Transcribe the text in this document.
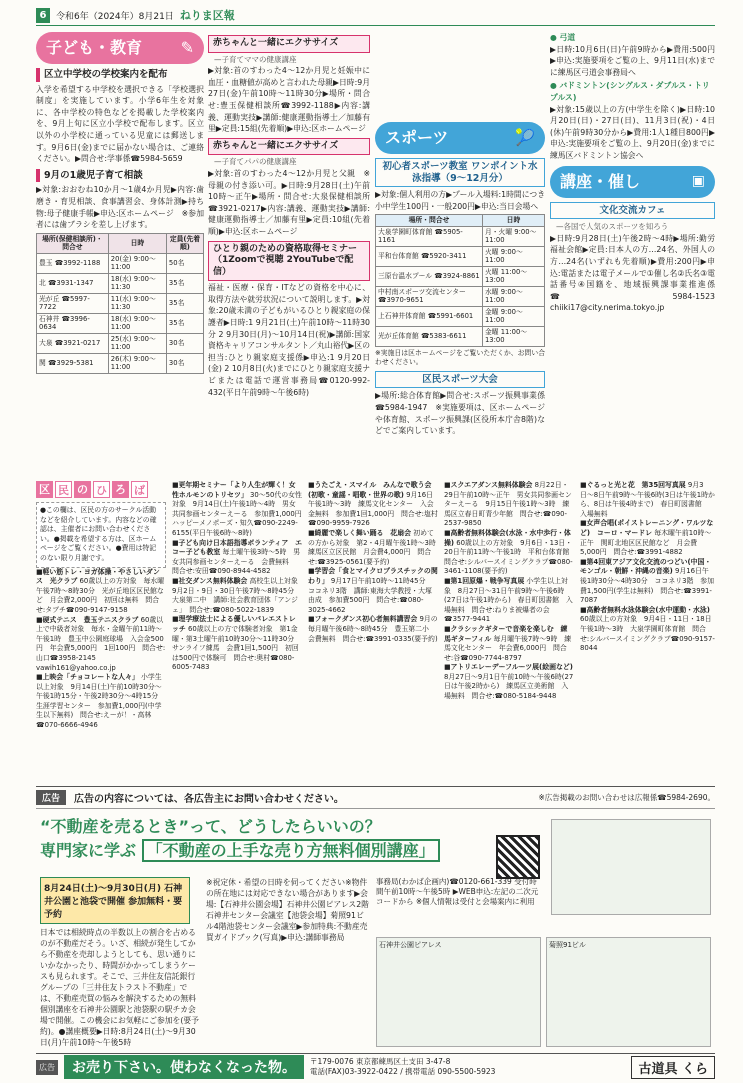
6	令和6年（2024年）8月21日 ねりま区報
子ども・教育 ✎
区立中学校の学校案内を配布

入学を希望する中学校を選択できる「学校選択制度」を実施しています。小学6年生を対象に、各中学校の特色などを掲載した学校案内を、9月上旬に区立小学校で配布します。区立以外の小学校に通っている児童には郵送します。9月6日(金)までに届かない場合は、ご連絡ください。▶問合せ:学事係☎5984-5659

9月の1歳児子育て相談

▶対象:おおむね10か月〜1歳4か月児▶内容:歯磨き・育児相談、食事講習会、身体計測▶持ち物:母子健康手帳▶申込:区ホームページ　※参加者には歯ブラシを差し上げます。

場所(保健相談所)・問合せ	日時	定員(先着順)
豊玉 ☎3992-1188	20(金) 9:00〜11:00	50名
北 ☎3931-1347	18(水) 9:00〜11:30	35名
光が丘 ☎5997-7722	11(水) 9:00〜11:30	35名
石神井 ☎3996-0634	18(水) 9:00〜11:00	35名
大泉 ☎3921-0217	25(水) 9:00〜11:00	30名
関 ☎3929-5381	26(木) 9:00〜11:00	30名
赤ちゃんと一緒にエクササイズ
—子育てママの健康講座

▶対象:首のすわった4〜12か月児と妊娠中に血圧・血糖値が高めと言われた母親▶日時:9月27日(金)午前10時〜11時30分▶場所・問合せ:豊玉保健相談所☎3992-1188▶内容:講義、運動実技▶講師:健康運動指導士／加藤有里▶定員:15組(先着順)▶申込:区ホームページ

赤ちゃんと一緒にエクササイズ
—子育てパパの健康講座

▶対象:首のすわった4〜12か月児と父親　※母親の付き添い可。▶日時:9月28日(土)午前10時〜正午▶場所・問合せ:大泉保健相談所☎3921-0217▶内容:講義、運動実技▶講師:健康運動指導士／加藤有里▶定員:10組(先着順)▶申込:区ホームページ

ひとり親のための資格取得セミナー（1Zoomで視聴 2YouTubeで配信）

福祉・医療・保育・ITなどの資格を中心に、取得方法や就労状況について説明します。▶対象:20歳未満の子どもがいるひとり親家庭の保護者▶日時:1 9月21日(土)午前10時〜11時30分 2 9月30日(月)〜10月14日(祝)▶講師:国家資格キャリアコンサルタント／丸山裕代▶区の担当:ひとり親家庭支援係▶申込:1 9月20日(金) 2 10月8日(火)までにひとり親家庭支援ナビまたは電話で運営事務局☎0120-992-432(平日午前9時〜午後6時)

スポーツ	🎾
初心者スポーツ教室 ワンポイント水泳指導（9〜12月分）

▶対象:個人利用の方▶プール入場料:1時間につき小中学生100円・一般200円▶申込:当日会場へ

場所・問合せ	日時
大泉学園町体育館 ☎5905-1161	月・火曜 9:00〜11:00
平和台体育館 ☎5920-3411	火曜 9:00〜11:00
三原台温水プール ☎3924-8861	火曜 11:00〜13:00
中村南スポーツ交流センター ☎3970-9651	水曜 9:00〜11:00
上石神井体育館 ☎5991-6601	金曜 9:00〜11:00
光が丘体育館 ☎5383-6611	金曜 11:00〜13:00

※実施日は区ホームページをご覧いただくか、お問い合わせください。

区民スポーツ大会

▶場所:総合体育館▶問合せ:スポーツ振興事業係☎5984-1947　※実施要項は、区ホームページや体育館、スポーツ振興課(区役所本庁舎8階)などでご案内しています。

● 弓道

▶日時:10月6日(日)午前9時から▶費用:500円▶申込:実施要項をご覧の上、9月11日(水)までに練馬区弓道会事務局へ

● バドミントン(シングルス・ダブルス・トリプルス)

▶対象:15歳以上の方(中学生を除く)▶日時:10月20日(日)・27日(日)、11月3日(祝)・4日(休)午前9時30分から▶費用:1人1種目800円▶申込:実施要項をご覧の上、9月20日(金)までに練馬区バドミントン協会へ

講座・催し	▣
文化交流カフェ
—各国で人気のスポーツを知ろう

▶日時:9月28日(土)午後2時〜4時▶場所:勤労福祉会館▶定員:日本人の方…24名、外国人の方…24名(いずれも先着順)▶費用:200円▶申込:電話または電子メールで①催し名②氏名③電話番号④国籍を、地域振興課事業推進係☎5984-1523 chiiki17@city.nerima.tokyo.jp

区 民 の ひ ろ ば
●この欄は、区民の方のサークル活動などを紹介しています。内容などの確認は、主催者にお問い合わせください。●掲載を希望する方は、区ホームページをご覧ください。●費用は特記のない限り月謝です。
■軽い筋トレ・ヨガ体操・やさしいダンス　光クラブ 60歳以上の方対象　毎水曜午後7時〜8時30分　光が丘地区区民館など　月会費2,000円　初回は無料　問合せ:タブチ☎090-9147-9158
■硬式テニス　豊玉テニスクラブ 60歳以上で中級者対象　毎水・金曜午前11時〜午後1時　豊玉中公園庭球場　入会金500円　年会費5,000円　1回100円　問合せ:山口☎3958-2145 vawih161@yahoo.co.jp
■上映会「チョコレートな人々」 小学生以上対象　9月14日(土)午前10時30分〜午後1時15分・午後2時30分〜4時15分　生涯学習センター　参加費1,000円(中学生以下無料)　問合せ:えーが！・高林☎070-6666-4946
■更年期セミナー「より人生が輝く！女性ホルモンのトリセツ」 30〜50代の女性対象　9月14日(土)午後1時〜4時　男女共同参画センターえーる　参加費1,000円　ハッピーメノポーズ・知久☎090-2249-6155(平日午後6時〜8時)
■子ども向け日本語指導ボランティア　エコー子ども教室 毎土曜午後3時〜5時　男女共同参画センターえーる　会費無料　問合せ:安田☎090-8944-4582
■社交ダンス無料体験会 高校生以上対象　9月2日・9日・30日午後7時〜8時45分　大泉第二中　講師:社会教育団体「アンジェ」　問合せ:☎080-5022-1839
■理学療法士による優しいバレエストレッチ 60歳以上の方で体験者対象　第1金曜・第3土曜午前10時30分〜11時30分　サンライフ練馬　会費1回1,500円　初回は500円で体験可　問合せ:奥村☎080-6005-7483
■うたごえ・スマイル　みんなで歌う会(初歌・童謡・唱歌・世界の歌) 9月16日午後1時〜3時　練馬文化センター　入会金無料　参加費1回1,000円　問合せ:塩村☎090-9959-7926
■綺麗で楽しく舞い踊る　花扇会 初めての方から対象　第2・4月曜午後1時〜3時　練馬区立区民館　月会費4,000円　問合せ:☎3925-0561(要予約)
■学習会「食とマイクロプラスチックの関わり」 9月17日午前10時〜11時45分　ココネリ3階　講師:東海大学教授・大塚由成　参加費500円　問合せ:☎080-3025-4662
■フォークダンス初心者無料講習会 9月の毎月曜午後6時〜8時45分　豊玉第二小　会費無料　問合せ:☎3991-0335(要予約)
■スクエアダンス無料体験会 8月22日・29日午前10時〜正午　男女共同参画センターえーる　9月15日午後1時〜3時　練馬区立春日町青少年館　問合せ:☎090-2537-9850
■高齢者無料体験会(水泳・水中歩行・体操) 60歳以上の方対象　9月6日・13日・20日午前11時〜午後1時　平和台体育館　問合せ:シルバースイミングクラブ☎080-3461-1108(要予約)
■第1回原爆・戦争写真展 小学生以上対象　8月27日〜31日午前9時〜午後6時(27日は午後1時から)　春日町図書館　入場無料　問合せ:ねりま被爆者の会☎3577-9441
■クラシックギターで音楽を楽しむ　練馬ギターフィル 毎月曜午後7時〜9時　練馬文化センター　年会費6,000円　問合せ:谷☎090-7744-8797
■アトリエレーデーフルーツ展(絵画など) 8月27日〜9月1日午前10時〜午後6時(27日は午後2時から)　練馬区立美術館　入場無料　問合せ:☎080-5184-9448
■ぐるっと光と花　第35回写真展 9月3日〜8日午前9時〜午後6時(3日は午後1時から、8日は午後4時まで)　春日町図書館　入場無料
■女声合唱(ポイストレーニング・ワルツなど)　コーロ・マードレ 毎木曜午前10時〜正午　関町北地区区民館など　月会費5,000円　問合せ:☎3991-4882
■第4回東アジア文化交流のつどい(中国・モンゴル・朝鮮・沖縄の音楽) 9月16日午後1時30分〜4時30分　ココネリ3階　参加費1,500円(学生は無料)　問合せ:☎3991-7087
■高齢者無料水泳体験会(水中運動・水泳) 60歳以上の方対象　9月4日・11日・18日午後1時〜3時　大泉学園町体育館　問合せ:シルバースイミングクラブ☎090-9157-8044
広告	広告の内容については、各広告主にお問い合わせください。	※広告掲載のお問い合わせは広報係☎5984-2690。
“不動産を売るとき”って、どうしたらいいの？
専門家に学ぶ 「不動産の上手な売り方無料個別講座」
8月24日(土)〜9月30日(月) 石神井公園と池袋で開催 参加無料・要予約
日本では相続時点の半数以上の割合を占めるのが不動産だそう。いざ、相続が発生してから不動産を売却しようとしても、思い通りにいかなかったり、時間がかかってしまうケースも見られます。そこで、三井住友信託銀行グループの「三井住友トラスト不動産」では、不動産売買の悩みを解決するための無料個別講座を石神井公園駅と池袋駅の駅チカ会場で開催。この機会にお気軽にご参加を(要予約)。●講座概要▶日時:8月24日(土)〜9月30日(月)午前10時〜午後5時
※祝定休・希望の日時を伺ってください※物件の所在地には対応できない場合があります▶会場:【石神井公園会場】石神井公園ピアレス2階石神井センター会議室【池袋会場】菊照91ビル4階池袋センター会議室▶参加特典:不動産売買ガイドブック(写真)▶申込:講師事務局
事務局(わかば企画内)☎0120-661-339 受付時間午前10時〜午後5時 ▶WEB申込:左記の二次元コードから ※個人情報は受付と会場案内に利用
石神井公園ピアレス	菊照91ビル
広告	お売り下さい。使わなくなった物。	〒179-0076 東京都練馬区土支田 3-47-8
電話(FAX)03-3922-0422 / 携帯電話 090-5500-5923	古道具 くら
